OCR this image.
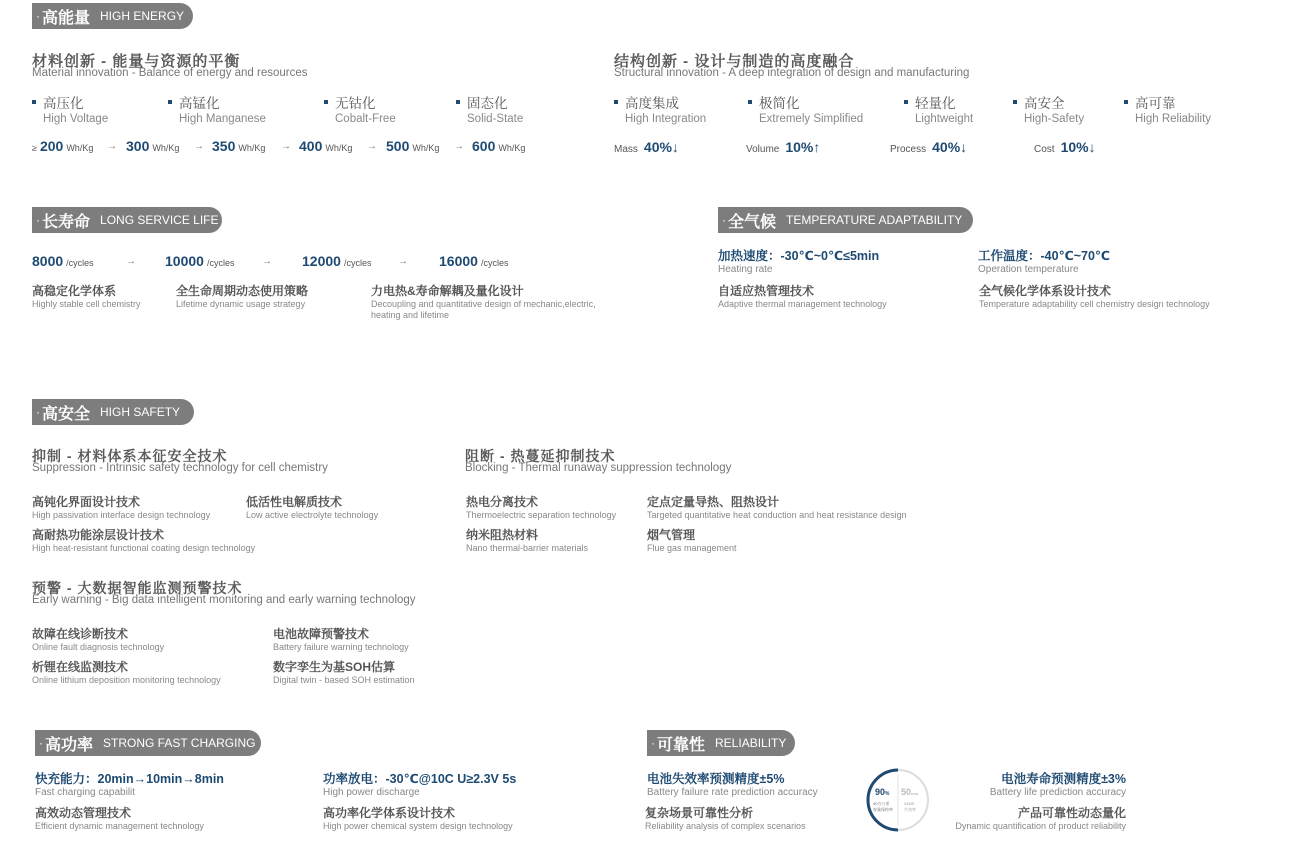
· 高能量 HIGH ENERGY
材料创新 - 能量与资源的平衡
Material innovation - Balance of energy and resources
高压化
High Voltage
高锰化
High Manganese
无钴化
Cobalt-Free
固态化
Solid-State
≥ 200 Wh/Kg → 300 Wh/Kg → 350 Wh/Kg → 400 Wh/Kg → 500 Wh/Kg → 600 Wh/Kg
结构创新 - 设计与制造的高度融合
Structural innovation - A deep integration of design and manufacturing
高度集成
High Integration
极简化
Extremely Simplified
轻量化
Lightweight
高安全
High-Safety
高可靠
High Reliability
Mass 40%↓	Volume 10%↑	Process 40%↓	Cost 10%↓
· 长寿命 LONG SERVICE LIFE
8000 /cycles	→ 10000 /cycles	→ 12000 /cycles	→ 16000 /cycles
高稳定化学体系
Highly stable cell chemistry
全生命周期动态使用策略
Lifetime dynamic usage strategy
力电热&寿命解耦及量化设计
Decoupling and quantitative design of mechanic,electric,
heating and lifetime
· 全气候 TEMPERATURE ADAPTABILITY
加热速度：-30℃~0℃≤5min
Heating rate
工作温度：-40℃~70℃
Operation temperature
自适应热管理技术
Adaptive thermal management technology
全气候化学体系设计技术
Temperature adaptability cell chemistry design technology
· 高安全 HIGH SAFETY
抑制 - 材料体系本征安全技术
Suppression - Intrinsic safety technology for cell chemistry
高钝化界面设计技术
High passivation interface design technology
低活性电解质技术
Low active electrolyte technology
高耐热功能涂层设计技术
High heat-resistant functional coating design technology
阻断 - 热蔓延抑制技术
Blocking - Thermal runaway suppression technology
热电分离技术
Thermoelectric separation technology
定点定量导热、阻热设计
Targeted quantitative heat conduction and heat resistance design
纳米阻热材料
Nano thermal-barrier materials
烟气管理
Flue gas management
预警 - 大数据智能监测预警技术
Early warning - Big data intelligent monitoring and early warning technology
故障在线诊断技术
Online fault diagnosis technology
电池故障预警技术
Battery failure warning technology
析锂在线监测技术
Online lithium deposition monitoring technology
数字孪生为基SOH估算
Digital twin - based SOH estimation
· 高功率 STRONG FAST CHARGING
快充能力：20min→10min→8min
Fast charging capabilit
功率放电：-30℃@10C U≥2.3V 5s
High power discharge
高效动态管理技术
Efficient dynamic management technology
高功率化学体系设计技术
High power chemical system design technology
· 可靠性 RELIABILITY
电池失效率预测精度±5%
Battery failure rate prediction accuracy
复杂场景可靠性分析
Reliability analysis of complex scenarios
电池寿命预测精度±3%
Battery life prediction accuracy
产品可靠性动态量化
Dynamic quantification of product reliability
90%
40万公里
容量保持率
50mm
24MS
失效率
